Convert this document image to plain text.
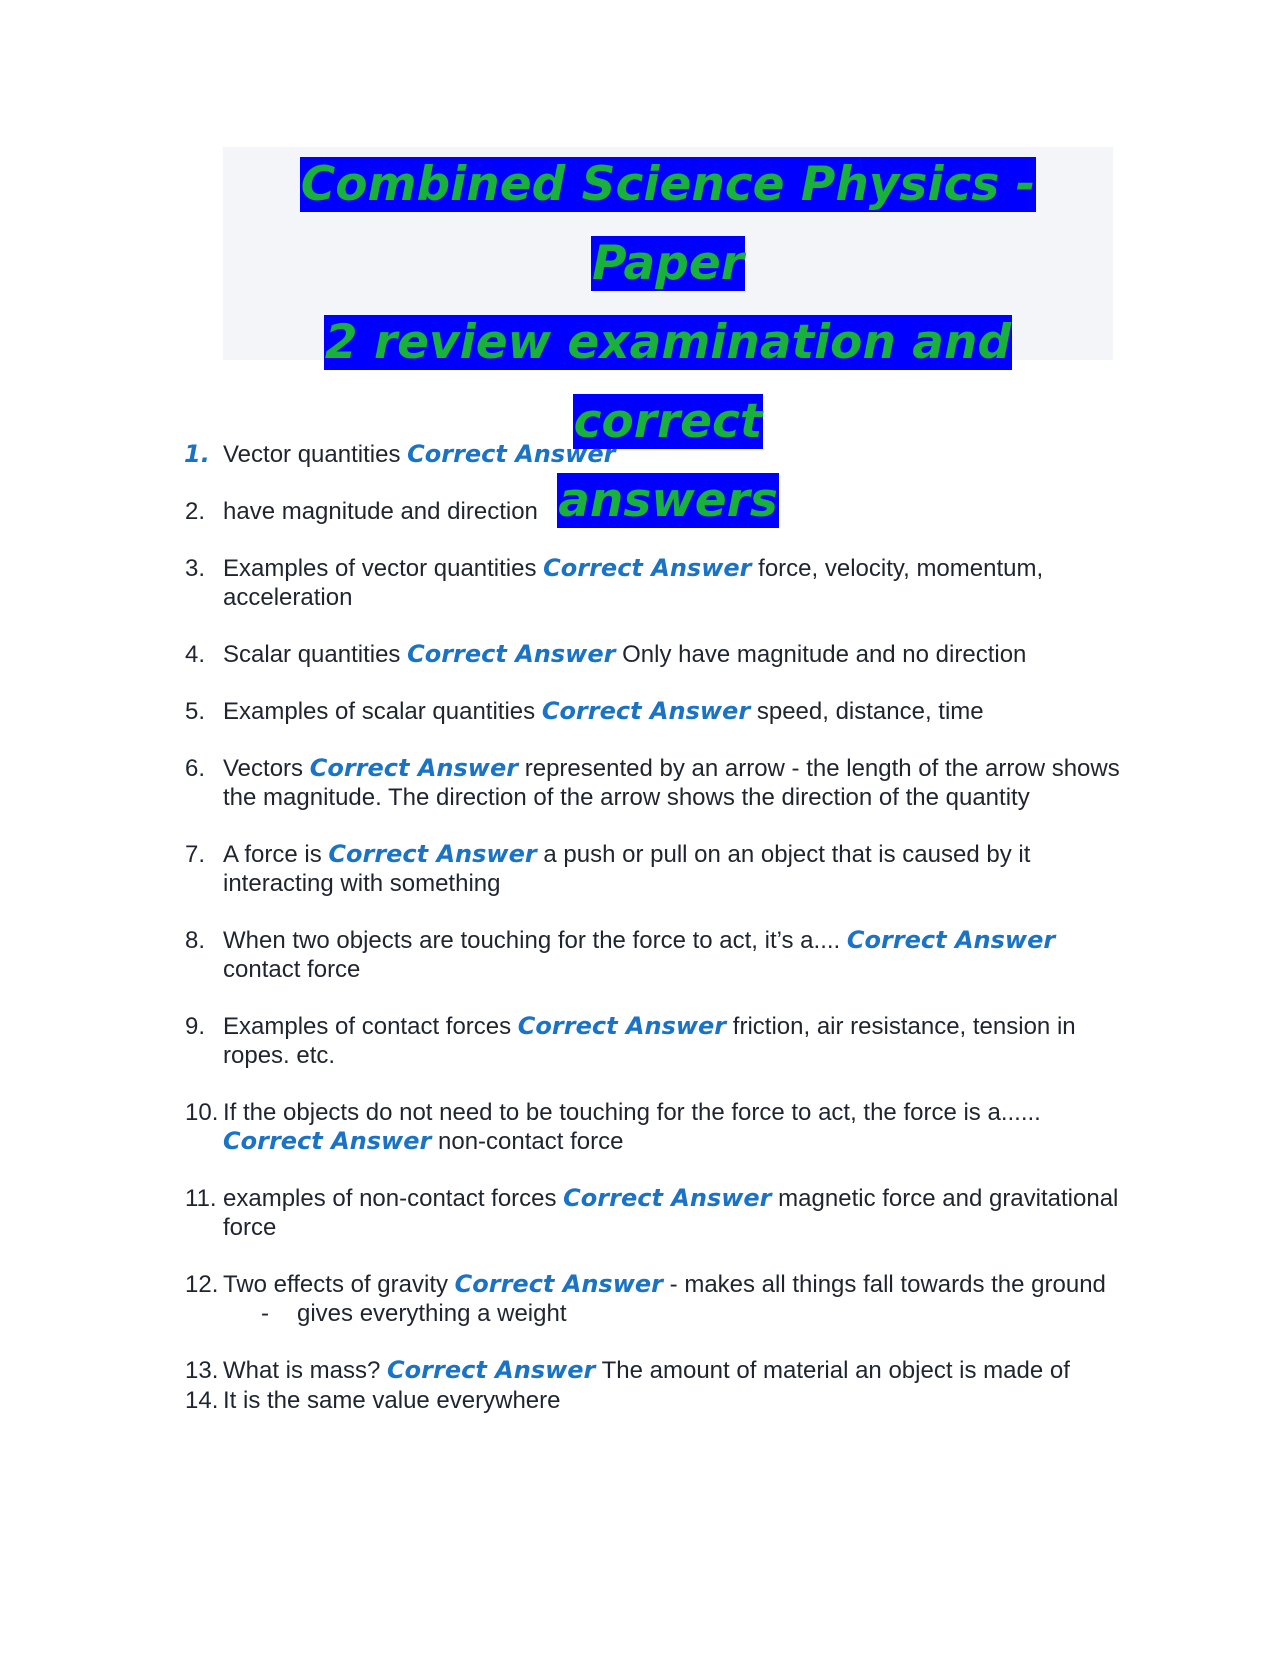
Combined Science Physics - Paper
2 review examination and correct
answers
1. Vector quantities Correct Answer
2. have magnitude and direction
3. Examples of vector quantities Correct Answer force, velocity, momentum, acceleration
4. Scalar quantities Correct Answer Only have magnitude and no direction
5. Examples of scalar quantities Correct Answer speed, distance, time
6. Vectors Correct Answer represented by an arrow - the length of the arrow shows the magnitude. The direction of the arrow shows the direction of the quantity
7. A force is Correct Answer a push or pull on an object that is caused by it interacting with something
8. When two objects are touching for the force to act, it’s a.... Correct Answer contact force
9. Examples of contact forces Correct Answer friction, air resistance, tension in ropes. etc.
10. If the objects do not need to be touching for the force to act, the force is a...... Correct Answer non-contact force
11. examples of non-contact forces Correct Answer magnetic force and gravitational force
12. Two effects of gravity Correct Answer - makes all things fall towards the ground
- gives everything a weight
13. What is mass? Correct Answer The amount of material an object is made of
14. It is the same value everywhere
